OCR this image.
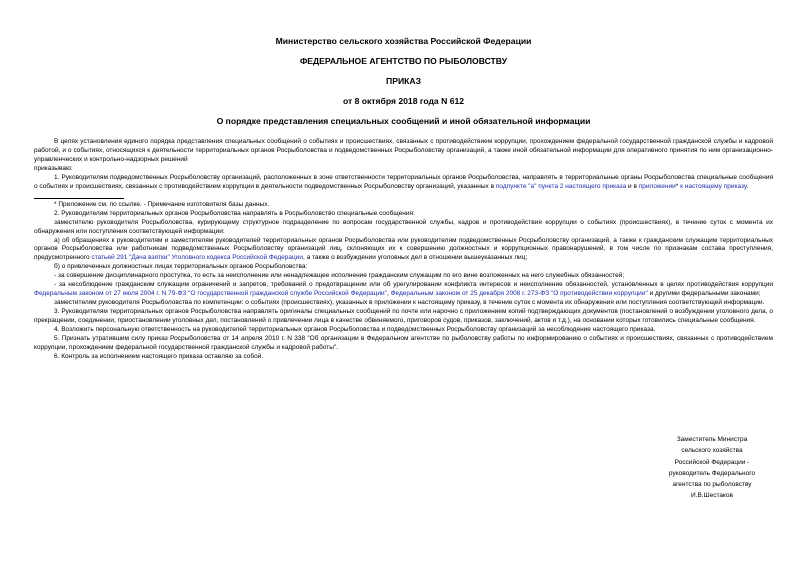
Министерство сельского хозяйства Российской Федерации
ФЕДЕРАЛЬНОЕ АГЕНТСТВО ПО РЫБОЛОВСТВУ
ПРИКАЗ
от 8 октября 2018 года N 612
О порядке представления специальных сообщений и иной обязательной информации

В целях установления единого порядка представления специальных сообщений о событиях и происшествиях, связанных с противодействием коррупции, прохождением федеральной государственной гражданской службы и кадровой работой, и о событиях, относящихся к деятельности территориальных органов Росрыболовства и подведомственных Росрыболовству организаций, а также иной обязательной информации для оперативного принятия по ним организационно-управленческих и контрольно-надзорных решений

приказываю:

1. Руководителям подведомственных Росрыболовству организаций, расположенных в зоне ответственности территориальных органов Росрыболовства, направлять в территориальные органы Росрыболовства специальные сообщения о событиях и происшествиях, связанных с противодействием коррупции в деятельности подведомственных Росрыболовству организаций, указанных в подпункте "а" пункта 2 настоящего приказа и в приложении* к настоящему приказу.

* Приложение см. по ссылке. - Примечание изготовителя базы данных.

2. Руководителям территориальных органов Росрыболовства направлять в Росрыболовство специальные сообщения:

заместителю руководителя Росрыболовства, курирующему структурное подразделение по вопросам государственной службы, кадров и противодействия коррупции о событиях (происшествиях), в течение суток с момента их обнаружения или поступления соответствующей информации:

а) об обращениях к руководителям и заместителям руководителей территориальных органов Росрыболовства или руководителям подведомственных Росрыболовству организаций, а также к гражданским служащим территориальных органов Росрыболовства или работникам подведомственных Росрыболовству организаций лиц, склоняющих их к совершению должностных и коррупционных правонарушений, в том числе по признакам состава преступления, предусмотренного статьей 291 "Дача взятки" Уголовного кодекса Российской Федерации, а также о возбуждении уголовных дел в отношении вышеуказанных лиц;

б) о привлеченных должностных лицах территориальных органов Росрыболовства:

- за совершение дисциплинарного проступка, то есть за неисполнение или ненадлежащее исполнение гражданским служащим по его вине возложенных на него служебных обязанностей;

- за несоблюдение гражданским служащим ограничений и запретов, требований о предотвращении или об урегулировании конфликта интересов и неисполнение обязанностей, установленных в целях противодействия коррупции Федеральным законом от 27 июля 2004 г. N 79-ФЗ "О государственной гражданской службе Российской Федерации", Федеральным законом от 25 декабря 2008 г. 273-ФЗ "О противодействии коррупции" и другими федеральными законами;

заместителям руководителя Росрыболовства по компетенции: о событиях (происшествиях), указанных в приложении к настоящему приказу, в течение суток с момента их обнаружения или поступления соответствующей информации.

3. Руководителям территориальных органов Росрыболовства направлять оригиналы специальных сообщений по почте или нарочно с приложением копий подтверждающих документов (постановлений о возбуждении уголовного дела, о прекращении, соединении, приостановлении уголовных дел, постановлений о привлечении лица в качестве обвиняемого, приговоров судов, приказов, заключений, актов и т.д.), на основании которых готовились специальные сообщения.

4. Возложить персональную ответственность на руководителей территориальных органов Росрыболовства и подведомственных Росрыболовству организаций за несоблюдение настоящего приказа.

5. Признать утратившим силу приказ Росрыболовства от 14 апреля 2010 г. N 338 "Об организации в Федеральном агентстве по рыболовству работы по информированию о событиях и происшествиях, связанных с противодействием коррупции, прохождением федеральной государственной гражданской службы и кадровой работы".

6. Контроль за исполнением настоящего приказа оставляю за собой.

Заместитель Министра
сельского хозяйства
Российской Федерации -
руководитель Федерального
агентства по рыболовству
И.В.Шестаков
